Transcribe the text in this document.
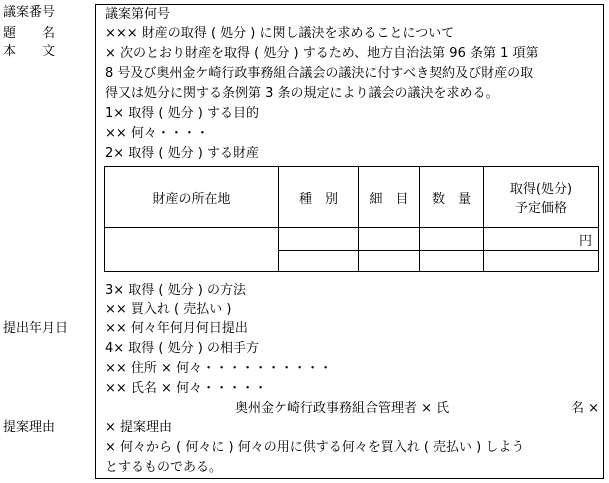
議案番号
題　　名
本　　文
提出年月日
提案理由
議案第何号
××× 財産の取得 ( 処分 ) に関し議決を求めることについて
× 次のとおり財産を取得 ( 処分 ) するため、地方自治法第 96 条第 1 項第
8 号及び奥州金ケ崎行政事務組合議会の議決に付すべき契約及び財産の取
得又は処分に関する条例第 3 条の規定により議会の議決を求める。
1× 取得 ( 処分 ) する目的
×× 何々・・・・
2× 取得 ( 処分 ) する財産
財産の所在地	種　別	細　目	数　量	取得(処分)
予定価格

				円

3× 取得 ( 処分 ) の方法
×× 買入れ ( 売払い )
×× 何々年何月何日提出
4× 取得 ( 処分 ) の相手方
×× 住所 × 何々・・・・・・・・・・
×× 氏名 × 何々・・・・・
奥州金ケ崎行政事務組合管理者 × 氏	名 ×
× 提案理由
× 何々から ( 何々に ) 何々の用に供する何々を買入れ ( 売払い ) しよう
とするものである。
